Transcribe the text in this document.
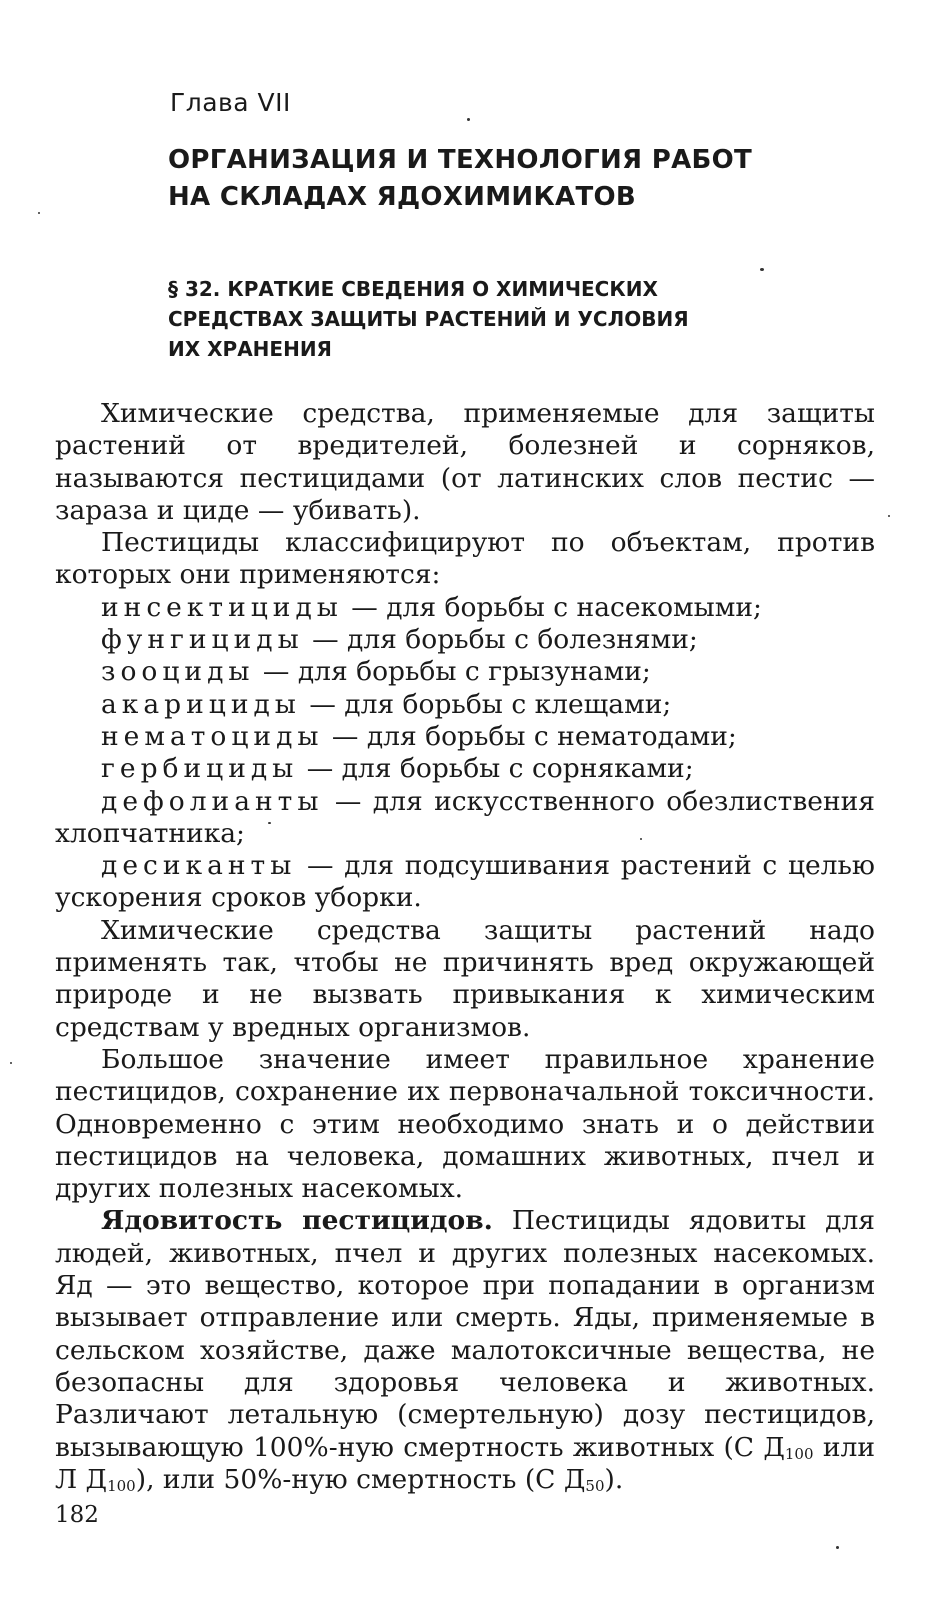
Глава VII
ОРГАНИЗАЦИЯ И ТЕХНОЛОГИЯ РАБОТ
НА СКЛАДАХ ЯДОХИМИКАТОВ
§ 32. КРАТКИЕ СВЕДЕНИЯ О ХИМИЧЕСКИХ
СРЕДСТВАХ ЗАЩИТЫ РАСТЕНИЙ И УСЛОВИЯ
ИХ ХРАНЕНИЯ

Химические средства, применяемые для защиты растений от вредителей, болезней и сорняков, называются пестицидами (от латинских слов пестис — зараза и циде — убивать).

Пестициды классифицируют по объектам, против которых они применяются:

инсектициды — для борьбы с насекомыми;

фунгициды — для борьбы с болезнями;

зооциды — для борьбы с грызунами;

акарициды — для борьбы с клещами;

нематоциды — для борьбы с нематодами;

гербициды — для борьбы с сорняками;

дефолианты — для искусственного обезлиствения хлопчатника;

десиканты — для подсушивания растений с целью ускорения сроков уборки.

Химические средства защиты растений надо применять так, чтобы не причинять вред окружающей природе и не вызвать привыкания к химическим средствам у вредных организмов.

Большое значение имеет правильное хранение пестицидов, сохранение их первоначальной токсичности. Одновременно с этим необходимо знать и о действии пестицидов на человека, домашних животных, пчел и других полезных насекомых.

Ядовитость пестицидов. Пестициды ядовиты для людей, животных, пчел и других полезных насекомых. Яд — это вещество, которое при попадании в организм вызывает отправление или смерть. Яды, применяемые в сельском хозяйстве, даже малотоксичные вещества, не безопасны для здоровья человека и животных. Различают летальную (смертельную) дозу пестицидов, вызывающую 100%-ную смертность животных (С $Д_{100}$ или Л $Д_{100}$), или 50%-ную смертность (С $Д_{50}$).

182
